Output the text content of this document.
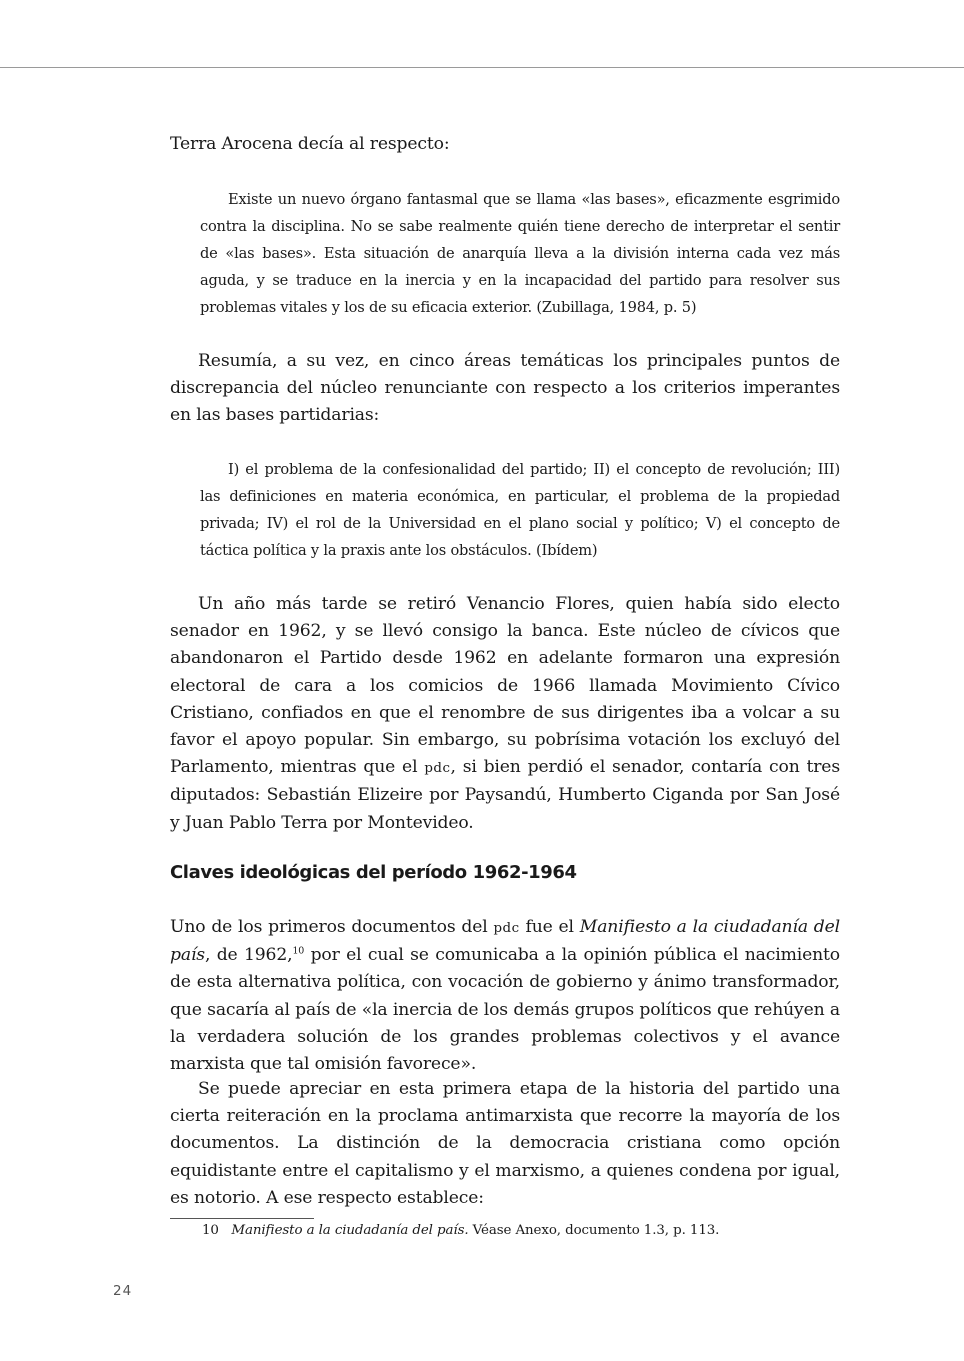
Terra Arocena decía al respecto:

Existe un nuevo órgano fantasmal que se llama «las bases», eficazmente esgrimido contra la disciplina. No se sabe realmente quién tiene derecho de interpretar el sentir de «las bases». Esta situación de anarquía lleva a la división interna cada vez más aguda, y se traduce en la inercia y en la incapacidad del partido para resolver sus problemas vitales y los de su eficacia exterior. (Zubillaga, 1984, p. 5)

Resumía, a su vez, en cinco áreas temáticas los principales puntos de discrepancia del núcleo renunciante con respecto a los criterios imperantes en las bases partidarias:

I) el problema de la confesionalidad del partido; II) el concepto de revolución; III) las definiciones en materia económica, en particular, el problema de la propiedad privada; IV) el rol de la Universidad en el plano social y político; V) el concepto de táctica política y la praxis ante los obstáculos. (Ibídem)

Un año más tarde se retiró Venancio Flores, quien había sido electo senador en 1962, y se llevó consigo la banca. Este núcleo de cívicos que abandonaron el Partido desde 1962 en adelante formaron una expresión electoral de cara a los comicios de 1966 llamada Movimiento Cívico Cristiano, confiados en que el renombre de sus dirigentes iba a volcar a su favor el apoyo popular. Sin embargo, su pobrísima votación los excluyó del Parlamento, mientras que el pdc, si bien perdió el senador, contaría con tres diputados: Sebastián Elizeire por Paysandú, Humberto Ciganda por San José y Juan Pablo Terra por Montevideo.

Claves ideológicas del período 1962-1964

Uno de los primeros documentos del pdc fue el Manifiesto a la ciudadanía del país, de 1962,10 por el cual se comunicaba a la opinión pública el nacimiento de esta alternativa política, con vocación de gobierno y ánimo transformador, que sacaría al país de «la inercia de los demás grupos políticos que rehúyen a la verdadera solución de los grandes problemas colectivos y el avance marxista que tal omisión favorece».

Se puede apreciar en esta primera etapa de la historia del partido una cierta reiteración en la proclama antimarxista que recorre la mayoría de los documentos. La distinción de la democracia cristiana como opción equidistante entre el capitalismo y el marxismo, a quienes condena por igual, es notorio. A ese respecto establece:

10 Manifiesto a la ciudadanía del país. Véase Anexo, documento 1.3, p. 113.

24
